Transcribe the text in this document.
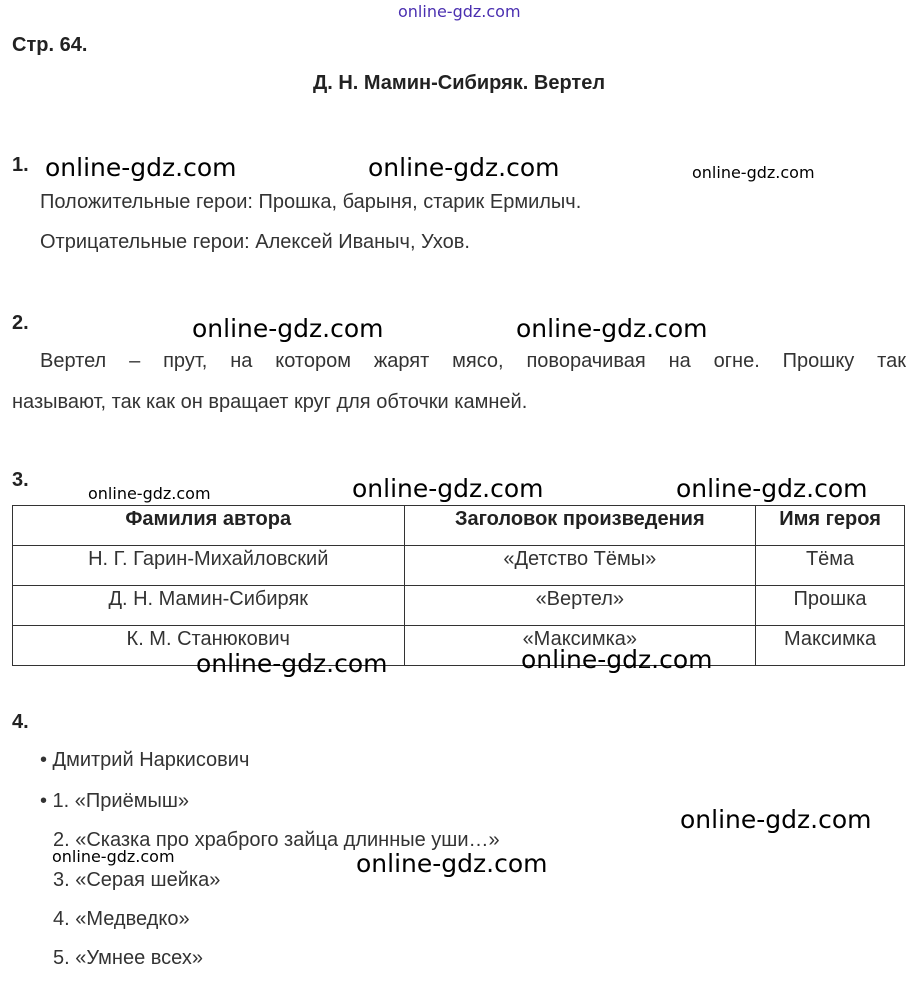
online-gdz.com
Стр. 64.
Д. Н. Мамин-Сибиряк. Вертел
1. online-gdz.com	online-gdz.com	online-gdz.com
Положительные герои: Прошка, барыня, старик Ермилыч.
Отрицательные герои: Алексей Иваныч, Ухов.
2.	online-gdz.com	online-gdz.com
Вертел – прут, на котором жарят мясо, поворачивая на огне. Прошку так
называют, так как он вращает круг для обточки камней.
3.
online-gdz.com	online-gdz.com	online-gdz.com
Фамилия автора	Заголовок произведения	Имя героя
Н. Г. Гарин-Михайловский	«Детство Тёмы»	Тёма
Д. Н. Мамин-Сибиряк	«Вертел»	Прошка
К. М. Станюкович	«Максимка»	Максимка
online-gdz.com	online-gdz.com
4.
• Дмитрий Наркисович
• 1. «Приёмыш»
2. «Сказка про храброго зайца длинные уши…»
3. «Серая шейка»
4. «Медведко»
5. «Умнее всех»
online-gdz.com
online-gdz.com	online-gdz.com
